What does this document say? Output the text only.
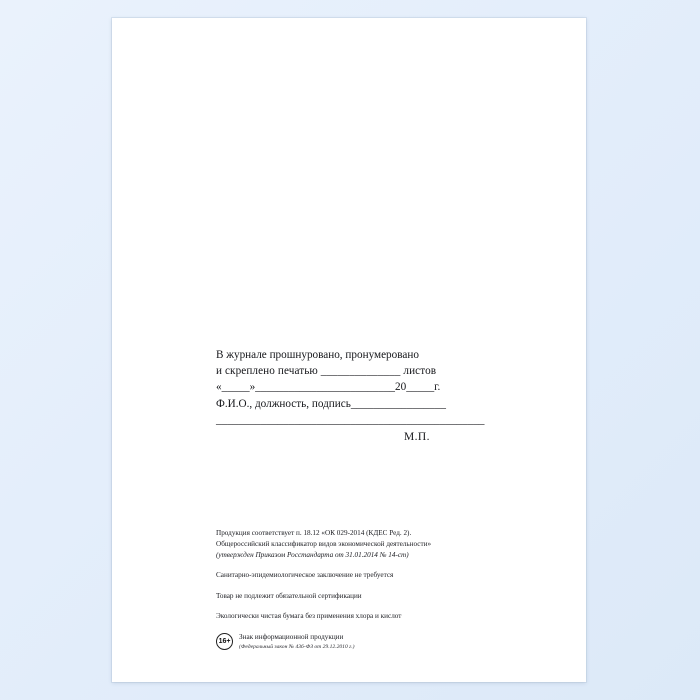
В журнале прошнуровано, пронумеровано
и скреплено печатью ______________ листов
«_____»_________________________20_____г.
Ф.И.О., должность, подпись_________________
________________________________________________
М.П.

Продукция соответствует п. 18.12 «ОК 029-2014 (КДЕС Ред. 2).
Общероссийский классификатор видов экономической деятельности»
(утвержден Приказом Росстандарта от 31.01.2014 № 14-ст)

Санитарно-эпидемиологическое заключение не требуется

Товар не подлежит обязательной сертификации

Экологически чистая бумага без применения хлора и кислот

16+
Знак информационной продукции
(Федеральный закон № 436-ФЗ от 29.12.2010 г.)
